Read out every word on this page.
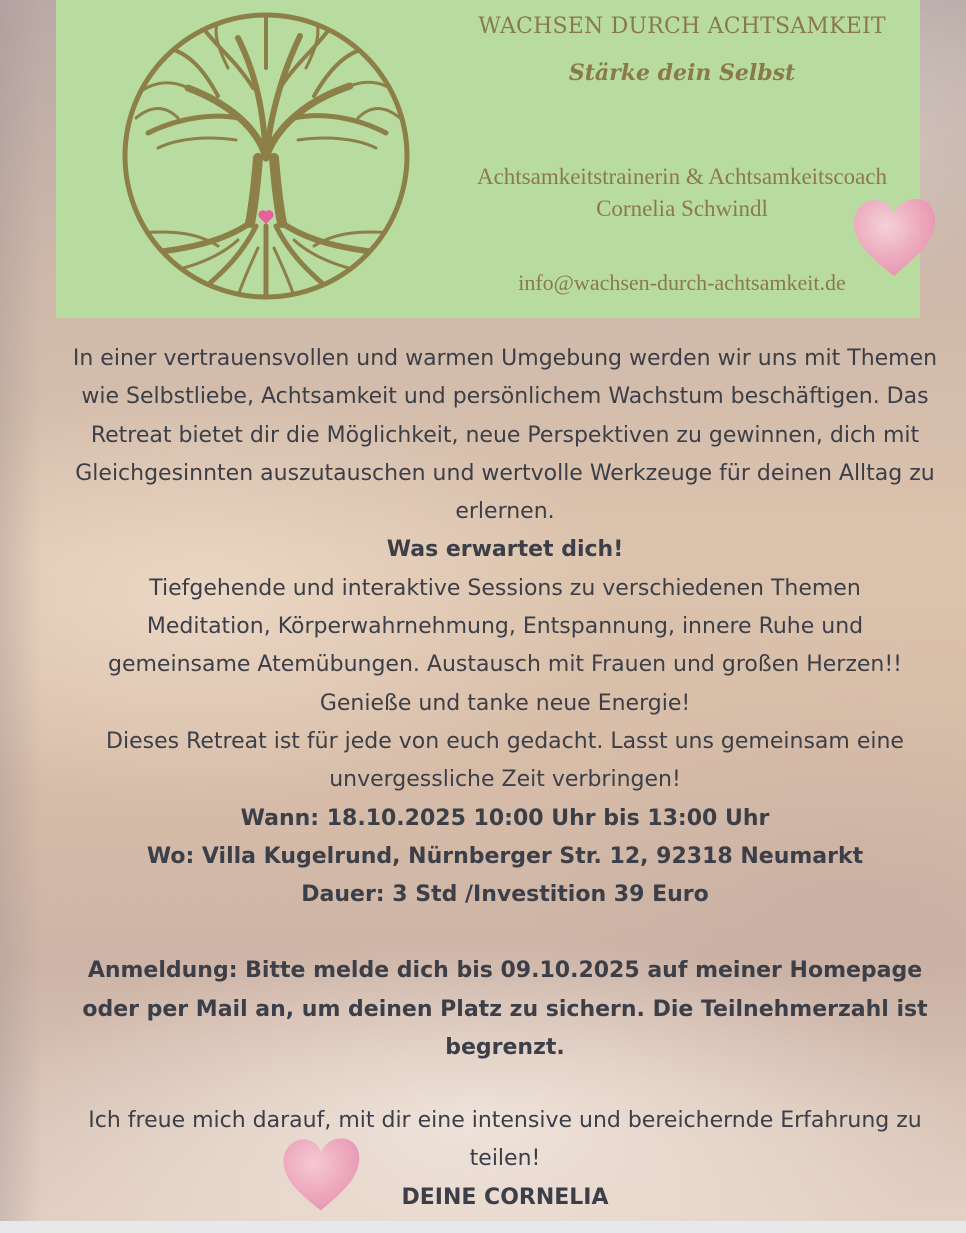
WACHSEN DURCH ACHTSAMKEIT
Stärke dein Selbst
Achtsamkeitstrainerin & Achtsamkeitscoach
Cornelia Schwindl
info@wachsen-durch-achtsamkeit.de

In einer vertrauensvollen und warmen Umgebung werden wir uns mit Themen

wie Selbstliebe, Achtsamkeit und persönlichem Wachstum beschäftigen. Das

Retreat bietet dir die Möglichkeit, neue Perspektiven zu gewinnen, dich mit

Gleichgesinnten auszutauschen und wertvolle Werkzeuge für deinen Alltag zu

erlernen.

Was erwartet dich!

Tiefgehende und interaktive Sessions zu verschiedenen Themen

Meditation, Körperwahrnehmung, Entspannung, innere Ruhe und

gemeinsame Atemübungen. Austausch mit Frauen und großen Herzen!!

Genieße und tanke neue Energie!

Dieses Retreat ist für jede von euch gedacht. Lasst uns gemeinsam eine

unvergessliche Zeit verbringen!

Wann: 18.10.2025 10:00 Uhr bis 13:00 Uhr

Wo: Villa Kugelrund, Nürnberger Str. 12, 92318 Neumarkt

Dauer: 3 Std /Investition 39 Euro

Anmeldung: Bitte melde dich bis 09.10.2025 auf meiner Homepage

oder per Mail an, um deinen Platz zu sichern. Die Teilnehmerzahl ist

begrenzt.

Ich freue mich darauf, mit dir eine intensive und bereichernde Erfahrung zu

teilen!

DEINE CORNELIA
